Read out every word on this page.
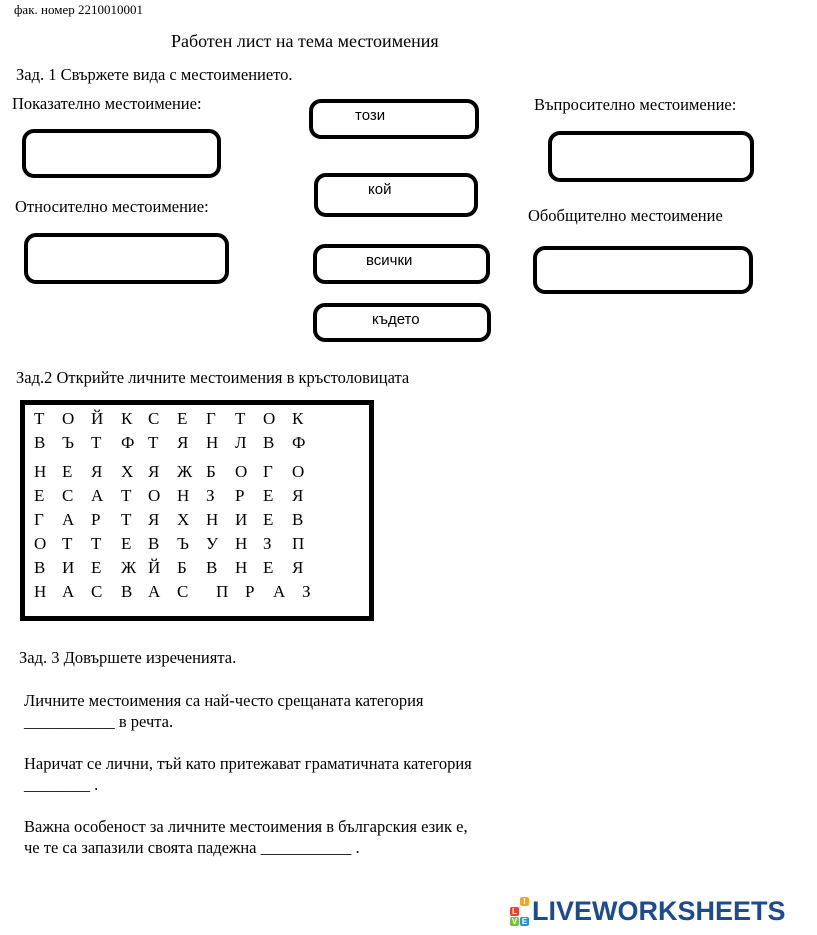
фак. номер 2210010001
Работен лист на тема местоимения
Зад. 1 Свържете вида с местоимението.
Показателно местоимение:	Въпросително местоимение:
Относително местоимение:	Обобщително местоимение
този
кой
всички
където
Зад.2 Открийте личните местоимения в кръстоловицата
Т О Й К С Е Г Т О К
В Ъ Т Ф Т Я Н Л В Ф
Н Е Я Х Я Ж Б О Г О
Е С А Т О Н З Р Е Я
Г А Р Т Я Х Н И Е В
О Т Т Е В Ъ У Н З П
В И Е Ж Й Б В Н Е Я
Н А С В А С П Р А З
Зад. 3 Довършете изреченията.
Личните местоимения са най-често срещаната категория
___________ в речта.
Наричат се лични, тъй като притежават граматичната категория
________ .
Важна особеност за личните местоимения в българския език е,
че те са запазили своята падежна ___________ .
L
I
V E LIVEWORKSHEETS
